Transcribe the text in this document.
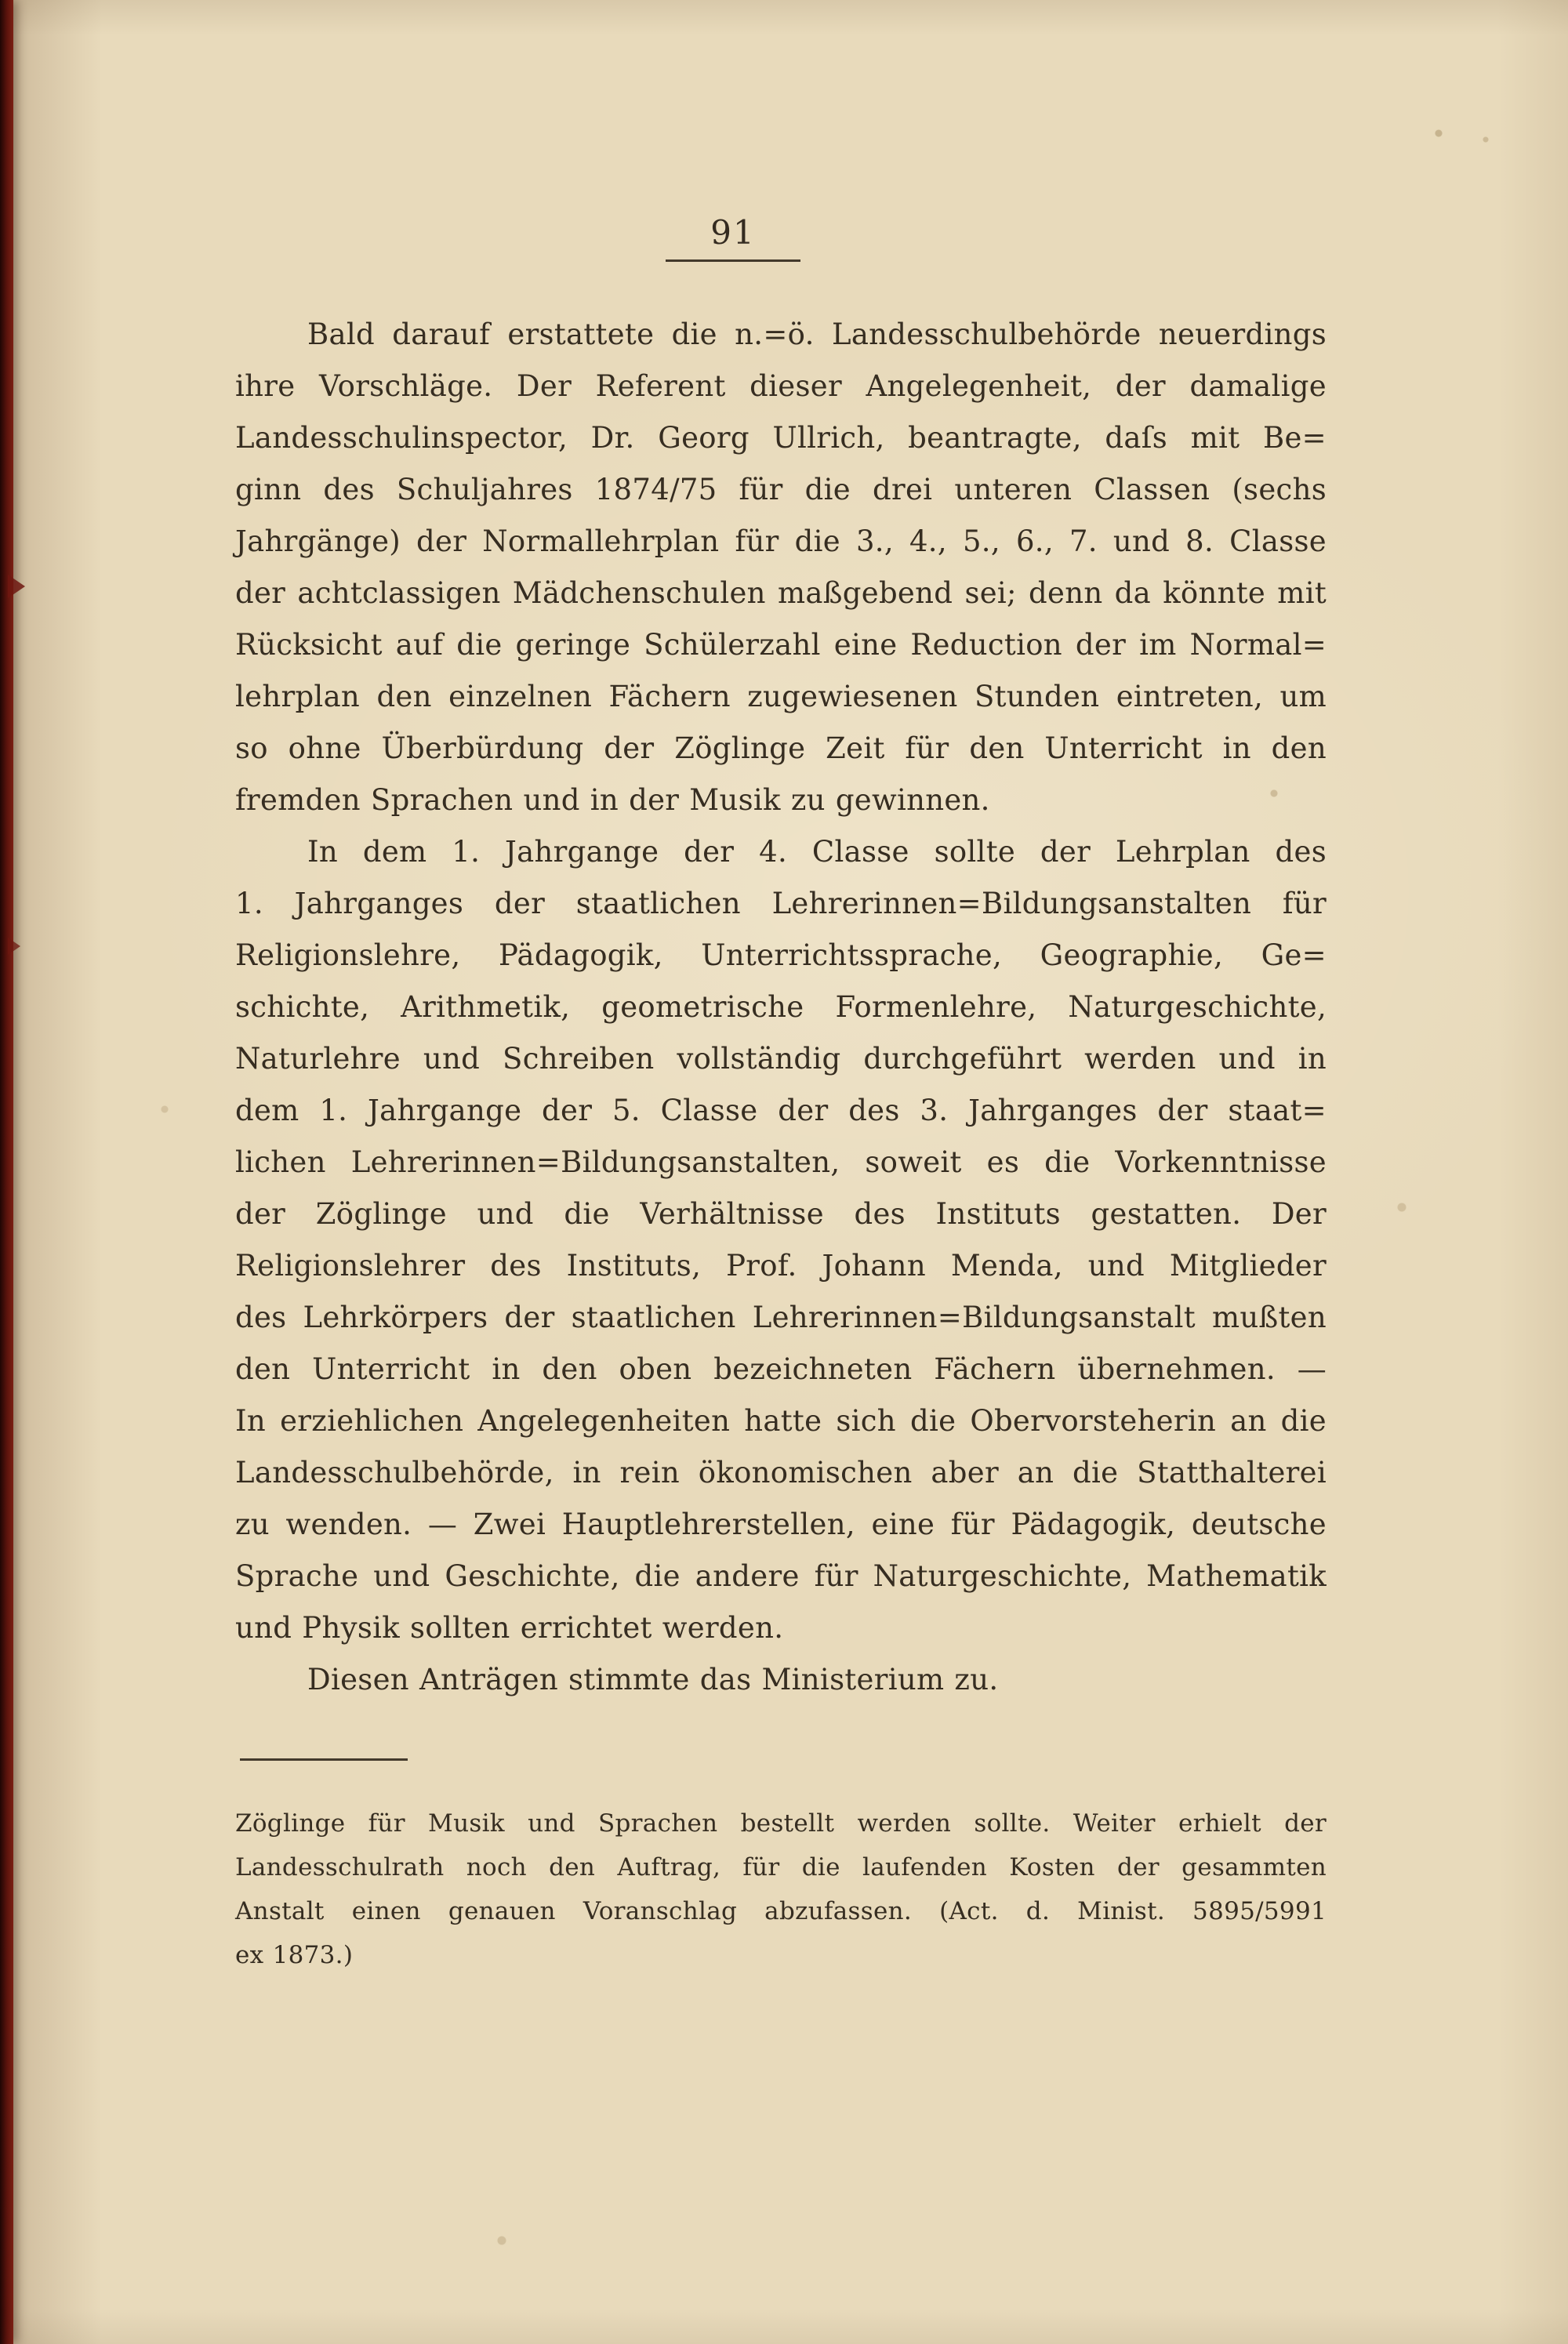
91
Bald darauf erstattete die n.=ö. Landesschulbehörde neuerdings
ihre Vorschläge. Der Referent dieser Angelegenheit, der damalige
Landesschulinspector, Dr. Georg Ullrich, beantragte, daſs mit Be=
ginn des Schuljahres 1874/75 für die drei unteren Classen (sechs
Jahrgänge) der Normallehrplan für die 3., 4., 5., 6., 7. und 8. Classe
der achtclassigen Mädchenschulen maßgebend sei; denn da könnte mit
Rücksicht auf die geringe Schülerzahl eine Reduction der im Normal=
lehrplan den einzelnen Fächern zugewiesenen Stunden eintreten, um
so ohne Überbürdung der Zöglinge Zeit für den Unterricht in den
fremden Sprachen und in der Musik zu gewinnen.
In dem 1. Jahrgange der 4. Classe sollte der Lehrplan des
1. Jahrganges der staatlichen Lehrerinnen=Bildungsanstalten für
Religionslehre, Pädagogik, Unterrichtssprache, Geographie, Ge=
schichte, Arithmetik, geometrische Formenlehre, Naturgeschichte,
Naturlehre und Schreiben vollständig durchgeführt werden und in
dem 1. Jahrgange der 5. Classe der des 3. Jahrganges der staat=
lichen Lehrerinnen=Bildungsanstalten, soweit es die Vorkenntnisse
der Zöglinge und die Verhältnisse des Instituts gestatten. Der
Religionslehrer des Instituts, Prof. Johann Menda, und Mitglieder
des Lehrkörpers der staatlichen Lehrerinnen=Bildungsanstalt mußten
den Unterricht in den oben bezeichneten Fächern übernehmen. —
In erziehlichen Angelegenheiten hatte sich die Obervorsteherin an die
Landesschulbehörde, in rein ökonomischen aber an die Statthalterei
zu wenden. — Zwei Hauptlehrerstellen, eine für Pädagogik, deutsche
Sprache und Geschichte, die andere für Naturgeschichte, Mathematik
und Physik sollten errichtet werden.
Diesen Anträgen stimmte das Ministerium zu.
Zöglinge für Musik und Sprachen bestellt werden sollte. Weiter erhielt der
Landesschulrath noch den Auftrag, für die laufenden Kosten der gesammten
Anstalt einen genauen Voranschlag abzufassen. (Act. d. Minist. 5895/5991
ex 1873.)
